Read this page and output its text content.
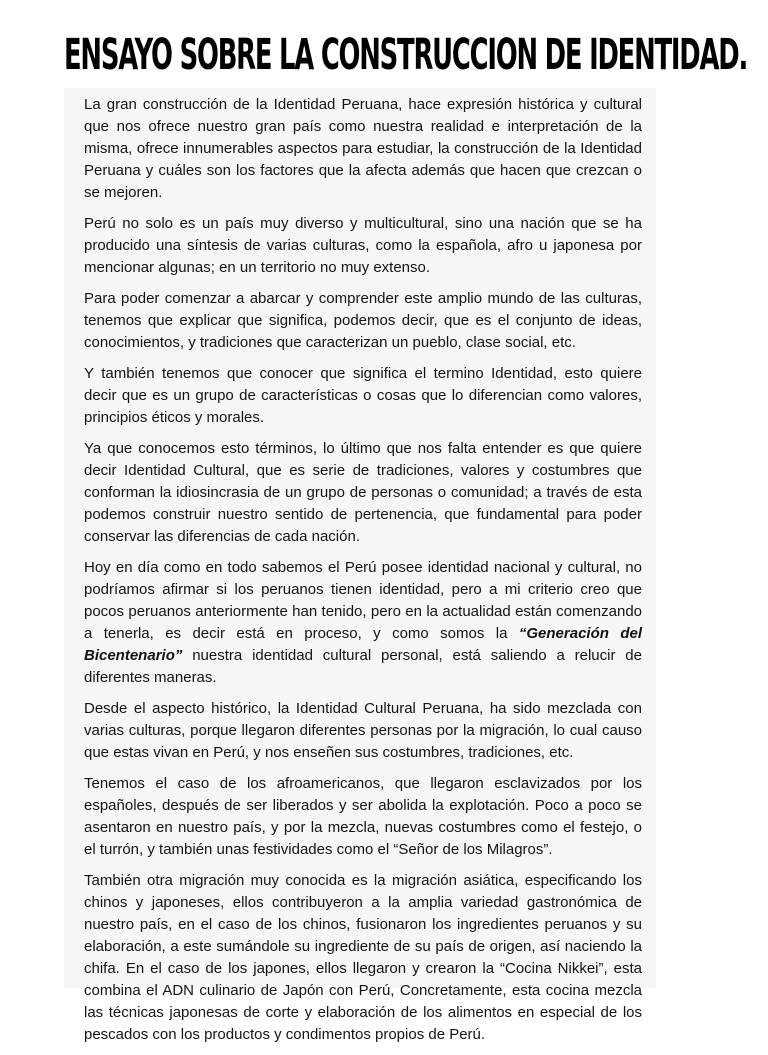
ENSAYO SOBRE LA CONSTRUCCION DE IDENTIDAD.

La gran construcción de la Identidad Peruana, hace expresión histórica y cultural que nos ofrece nuestro gran país como nuestra realidad e interpretación de la misma, ofrece innumerables aspectos para estudiar, la construcción de la Identidad Peruana y cuáles son los factores que la afecta además que hacen que crezcan o se mejoren.

Perú no solo es un país muy diverso y multicultural, sino una nación que se ha producido una síntesis de varias culturas, como la española, afro u japonesa por mencionar algunas; en un territorio no muy extenso.

Para poder comenzar a abarcar y comprender este amplio mundo de las culturas, tenemos que explicar que significa, podemos decir, que es el conjunto de ideas, conocimientos, y tradiciones que caracterizan un pueblo, clase social, etc.

Y también tenemos que conocer que significa el termino Identidad, esto quiere decir que es un grupo de características o cosas que lo diferencian como valores, principios éticos y morales.

Ya que conocemos esto términos, lo último que nos falta entender es que quiere decir Identidad Cultural, que es serie de tradiciones, valores y costumbres que conforman la idiosincrasia de un grupo de personas o comunidad; a través de esta podemos construir nuestro sentido de pertenencia, que fundamental para poder conservar las diferencias de cada nación.

Hoy en día como en todo sabemos el Perú posee identidad nacional y cultural, no podríamos afirmar si los peruanos tienen identidad, pero a mi criterio creo que pocos peruanos anteriormente han tenido, pero en la actualidad están comenzando a tenerla, es decir está en proceso, y como somos la “Generación del Bicentenario” nuestra identidad cultural personal, está saliendo a relucir de diferentes maneras.

Desde el aspecto histórico, la Identidad Cultural Peruana, ha sido mezclada con varias culturas, porque llegaron diferentes personas por la migración, lo cual causo que estas vivan en Perú, y nos enseñen sus costumbres, tradiciones, etc.

Tenemos el caso de los afroamericanos, que llegaron esclavizados por los españoles, después de ser liberados y ser abolida la explotación. Poco a poco se asentaron en nuestro país, y por la mezcla, nuevas costumbres como el festejo, o el turrón, y también unas festividades como el “Señor de los Milagros”.

También otra migración muy conocida es la migración asiática, especificando los chinos y japoneses, ellos contribuyeron a la amplia variedad gastronómica de nuestro país, en el caso de los chinos, fusionaron los ingredientes peruanos y su elaboración, a este sumándole su ingrediente de su país de origen, así naciendo la chifa. En el caso de los japones, ellos llegaron y crearon la “Cocina Nikkei”, esta combina el ADN culinario de Japón con Perú, Concretamente, esta cocina mezcla las técnicas japonesas de corte y elaboración de los alimentos en especial de los pescados con los productos y condimentos propios de Perú.
